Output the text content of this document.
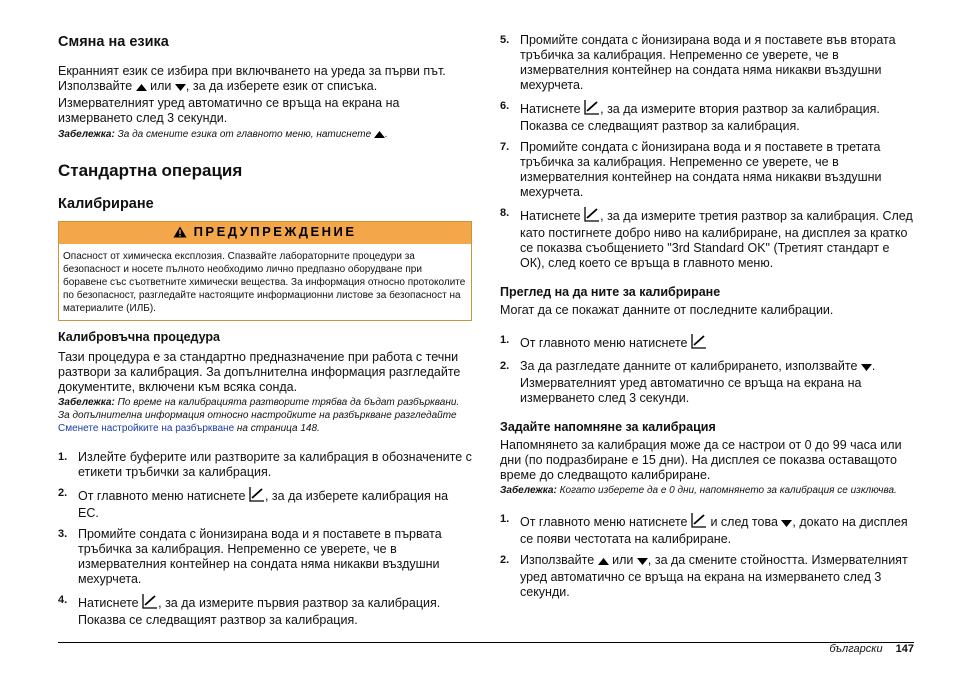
Смяна на езика

Екранният език се избира при включването на уреда за първи път.
Използвайте или , за да изберете език от списъка. Измервателният уред автоматично се връща на екрана на измерването след 3 секунди.

Забележка: За да смените езика от главното меню, натиснете .

Стандартна операция
Калибриране
ПРЕДУПРЕЖДЕНИЕ
Опасност от химическа експлозия. Спазвайте лабораторните процедури за безопасност и носете пълното необходимо лично предпазно оборудване при боравене със съответните химически вещества. За информация относно протоколите по безопасност, разгледайте настоящите информационни листове за безопасност на материалите (ИЛБ).
Калибровъчна процедура

Тази процедура е за стандартно предназначение при работа с течни разтвори за калибрация. За допълнителна информация разгледайте документите, включени към всяка сонда.

Забележка: По време на калибрацията разтворите трябва да бъдат разбърквани. За допълнителна информация относно настройките на разбъркване разгледайте Сменете настройките на разбъркване на страница 148.

1. Излейте буферите или разтворите за калибрация в обозначените с етикети тръбички за калибрация.
2. От главното меню натиснете , за да изберете калибрация на ЕС.
3. Промийте сондата с йонизирана вода и я поставете в първата тръбичка за калибрация. Непременно се уверете, че в измервателния контейнер на сондата няма никакви въздушни мехурчета.
4. Натиснете , за да измерите първия разтвор за калибрация. Показва се следващият разтвор за калибрация.
5. Промийте сондата с йонизирана вода и я поставете във втората тръбичка за калибрация. Непременно се уверете, че в измервателния контейнер на сондата няма никакви въздушни мехурчета.
6. Натиснете , за да измерите втория разтвор за калибрация. Показва се следващият разтвор за калибрация.
7. Промийте сондата с йонизирана вода и я поставете в третата тръбичка за калибрация. Непременно се уверете, че в измервателния контейнер на сондата няма никакви въздушни мехурчета.
8. Натиснете , за да измерите третия разтвор за калибрация. След като постигнете добро ниво на калибриране, на дисплея за кратко се показва съобщението "3rd Standard OK" (Третият стандарт е ОК), след което се връща в главното меню.
Преглед на да ните за калибриране

Могат да се покажат данните от последните калибрации.

1. От главното меню натиснете
2. За да разгледате данните от калибрирането, използвайте . Измервателният уред автоматично се връща на екрана на измерването след 3 секунди.
Задайте напомняне за калибрация

Напомнянето за калибрация може да се настрои от 0 до 99 часа или дни (по подразбиране е 15 дни). На дисплея се показва оставащото време до следващото калибриране.

Забележка: Когато изберете да е 0 дни, напомнянето за калибрация се изключва.

1. От главното меню натиснете и след това , докато на дисплея се появи честотата на калибриране.
2. Използвайте или , за да смените стойността. Измервателният уред автоматично се връща на екрана на измерването след 3 секунди.
български 147
